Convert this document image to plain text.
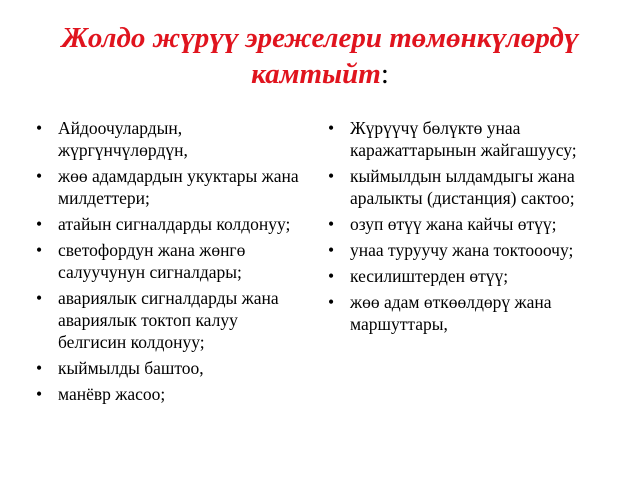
Жолдо жүрүү эрежелери төмөнкүлөрдү камтыйт:
• Айдоочулардын, жүргүнчүлөрдүн,
• жөө адамдардын укуктары жана милдеттери;
• атайын сигналдарды колдонуу;
• светофордун жана жөнгө салуучунун сигналдары;
• авариялык сигналдарды жана авариялык токтоп калуу белгисин колдонуу;
• кыймылды баштоо,
• манёвр жасоо;
• Жүрүүчү бөлүктө унаа каражаттарынын жайгашуусу;
• кыймылдын ылдамдыгы жана аралыкты (дистанция) сактоо;
• озуп өтүү жана кайчы өтүү;
• унаа туруучу жана токтооочу;
• кесилиштерден өтүү;
• жөө адам өткөөлдөрү жана маршуттары,
